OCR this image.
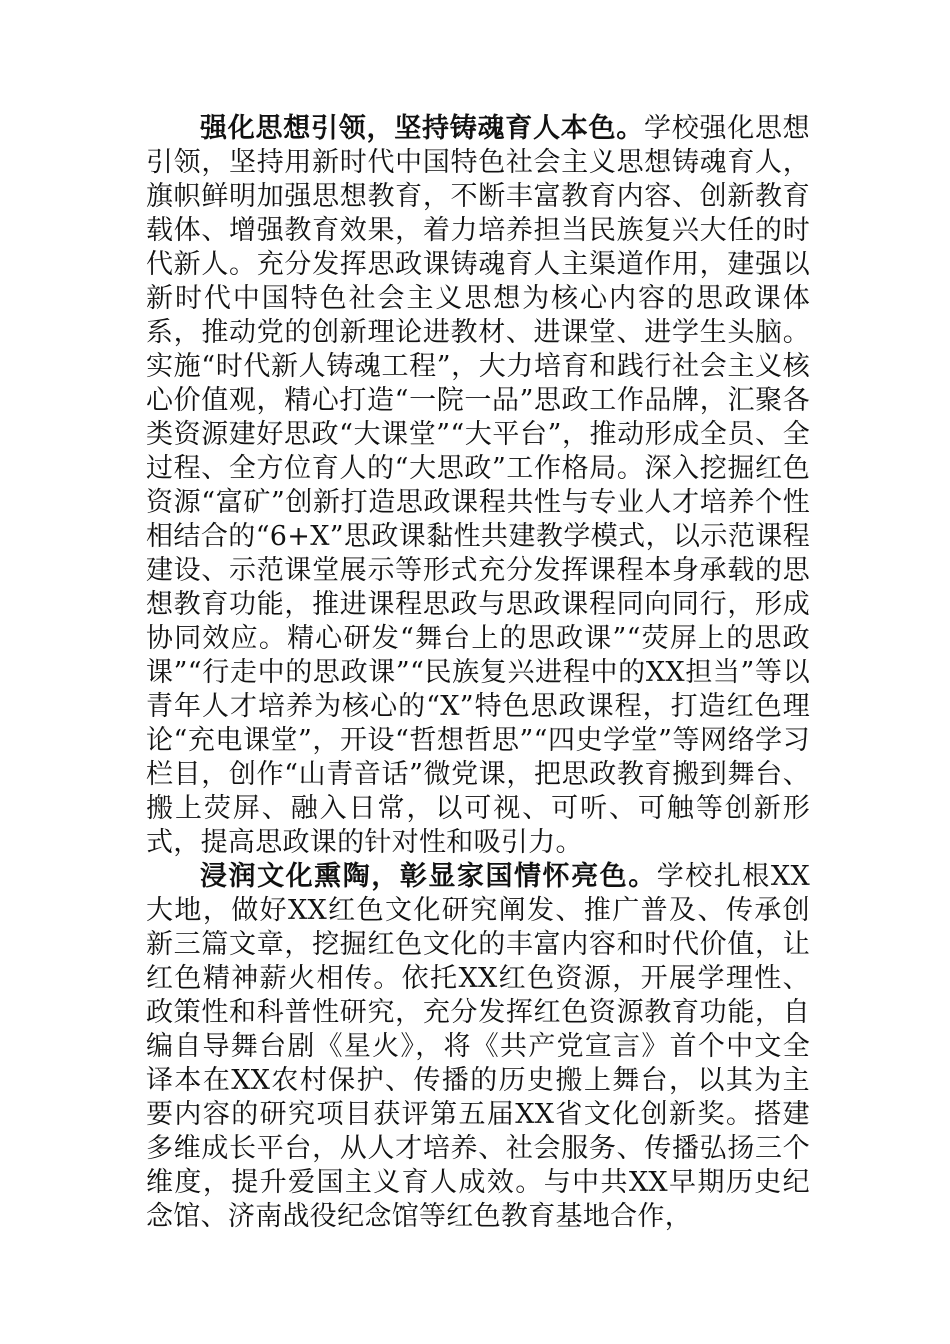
强化思想引领，坚持铸魂育人本色。学校强化思想引领，坚持用新时代中国特色社会主义思想铸魂育人，旗帜鲜明加强思想教育，不断丰富教育内容、创新教育载体、增强教育效果，着力培养担当民族复兴大任的时代新人。充分发挥思政课铸魂育人主渠道作用，建强以新时代中国特色社会主义思想为核心内容的思政课体系，推动党的创新理论进教材、进课堂、进学生头脑。实施“时代新人铸魂工程”，大力培育和践行社会主义核心价值观，精心打造“一院一品”思政工作品牌，汇聚各类资源建好思政“大课堂”“大平台”，推动形成全员、全过程、全方位育人的“大思政”工作格局。深入挖掘红色资源“富矿”创新打造思政课程共性与专业人才培养个性相结合的“6+X”思政课黏性共建教学模式，以示范课程建设、示范课堂展示等形式充分发挥课程本身承载的思想教育功能，推进课程思政与思政课程同向同行，形成协同效应。精心研发“舞台上的思政课”“荧屏上的思政课”“行走中的思政课”“民族复兴进程中的XX担当”等以青年人才培养为核心的“X”特色思政课程，打造红色理论“充电课堂”，开设“哲想哲思”“四史学堂”等网络学习栏目，创作“山青音话”微党课，把思政教育搬到舞台、搬上荧屏、融入日常，以可视、可听、可触等创新形式，提高思政课的针对性和吸引力。

浸润文化熏陶，彰显家国情怀亮色。学校扎根XX大地，做好XX红色文化研究阐发、推广普及、传承创新三篇文章，挖掘红色文化的丰富内容和时代价值，让红色精神薪火相传。依托XX红色资源，开展学理性、政策性和科普性研究，充分发挥红色资源教育功能，自编自导舞台剧《星火》，将《共产党宣言》首个中文全译本在XX农村保护、传播的历史搬上舞台，以其为主要内容的研究项目获评第五届XX省文化创新奖。搭建多维成长平台，从人才培养、社会服务、传播弘扬三个维度，提升爱国主义育人成效。与中共XX早期历史纪念馆、济南战役纪念馆等红色教育基地合作，
